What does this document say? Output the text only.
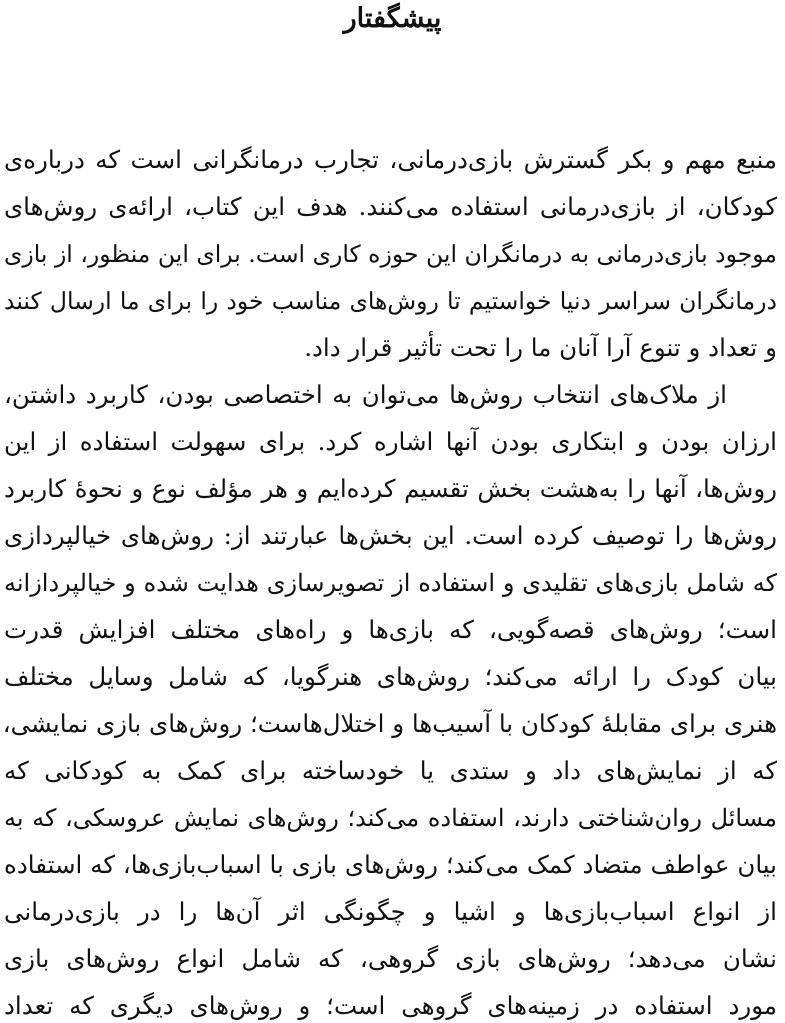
پیشگفتار
منبع مهم و بکر گسترش بازی‌درمانی، تجارب درمانگرانی است که درباره‌ی
کودکان، از بازی‌درمانی استفاده می‌کنند. هدف این کتاب، ارائه‌ی روش‌های
موجود بازی‌درمانی به درمانگران این حوزه کاری است. برای این منظور، از بازی
درمانگران سراسر دنیا خواستیم تا روش‌های مناسب خود را برای ما ارسال کنند
و تعداد و تنوع آرا آنان ما را تحت تأثیر قرار داد.
از ملاک‌های انتخاب روش‌ها می‌توان به اختصاصی بودن، کاربرد داشتن،
ارزان بودن و ابتکاری بودن آنها اشاره کرد. برای سهولت استفاده از این
روش‌ها، آنها را به‌هشت بخش تقسیم کرده‌ایم و هر مؤلف نوع و نحوهٔ کاربرد
روش‌ها را توصیف کرده است. این بخش‌ها عبارتند از: روش‌های خیالپردازی
که شامل بازی‌های تقلیدی و استفاده از تصویرسازی هدایت شده و خیالپردازانه
است؛ روش‌های قصه‌گویی، که بازی‌ها و راه‌های مختلف افزایش قدرت
بیان کودک را ارائه می‌کند؛ روش‌های هنرگویا، که شامل وسایل مختلف
هنری برای مقابلهٔ کودکان با آسیب‌ها و اختلال‌هاست؛ روش‌های بازی نمایشی،
که از نمایش‌های داد و ستدی یا خودساخته برای کمک به کودکانی که
مسائل روان‌شناختی دارند، استفاده می‌کند؛ روش‌های نمایش عروسکی، که به
بیان عواطف متضاد کمک می‌کند؛ روش‌های بازی با اسباب‌بازی‌ها، که استفاده
از انواع اسباب‌بازی‌ها و اشیا و چگونگی اثر آن‌ها را در بازی‌درمانی
نشان می‌دهد؛ روش‌های بازی گروهی، که شامل انواع روش‌های بازی
مورد استفاده در زمینه‌های گروهی است؛ و روش‌های دیگری که تعداد
